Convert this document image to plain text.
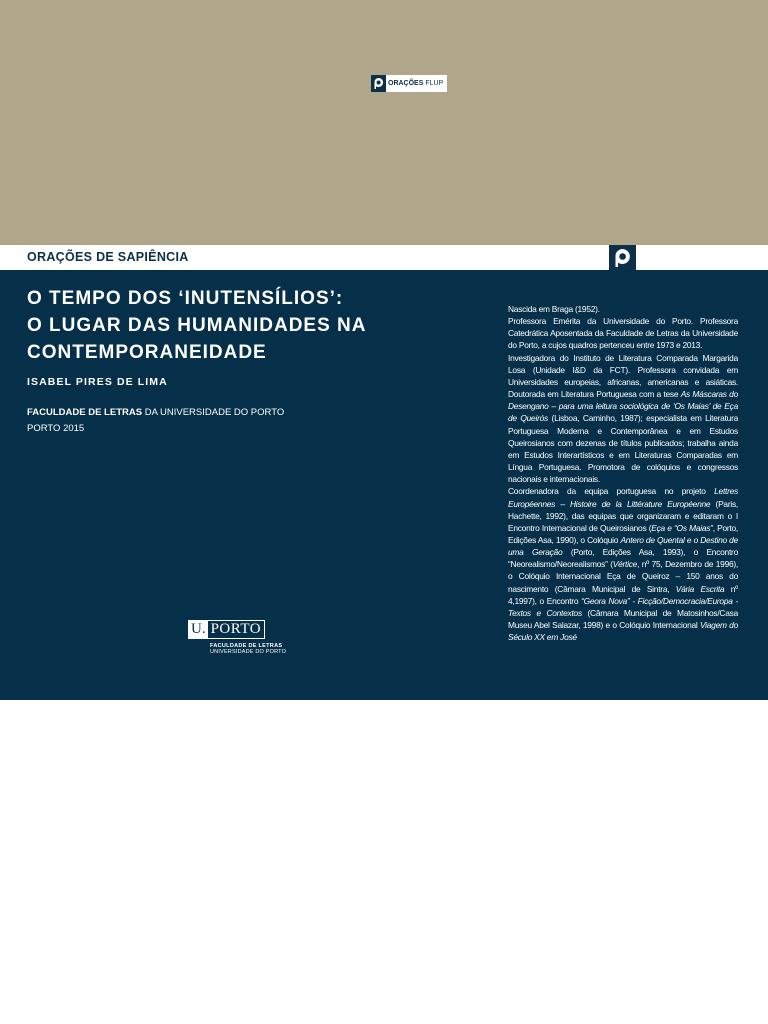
ORAÇÕES FLUP
ORAÇÕES DE SAPIÊNCIA
O TEMPO DOS ‘INUTENSÍLIOS’:
O LUGAR DAS HUMANIDADES NA
CONTEMPORANEIDADE
ISABEL PIRES DE LIMA
FACULDADE DE LETRAS DA UNIVERSIDADE DO PORTO
PORTO 2015
U. PORTO
FACULDADE DE LETRAS
UNIVERSIDADE DO PORTO

Nascida em Braga (1952).

Professora Emérita da Universidade do Porto. Professora Catedrática Aposentada da Faculdade de Letras da Universidade do Porto, a cujos quadros pertenceu entre 1973 e 2013.

Investigadora do Instituto de Literatura Comparada Margarida Losa (Unidade I&D da FCT). Professora convidada em Universidades europeias, africanas, americanas e asiáticas. Doutorada em Literatura Portuguesa com a tese As Máscaras do Desengano – para uma leitura sociológica de ‘Os Maias’ de Eça de Queirós (Lisboa, Caminho, 1987); especialista em Literatura Portuguesa Moderna e Contemporânea e em Estudos Queirosianos com dezenas de títulos publicados; trabalha ainda em Estudos Interartísticos e em Literaturas Comparadas em Língua Portuguesa. Promotora de colóquios e congressos nacionais e internacionais.

Coordenadora da equipa portuguesa no projeto Lettres Européennes – Histoire de la Littérature Européenne (Paris, Hachette, 1992), das equipas que organizaram e editaram o I Encontro Internacional de Queirosianos (Eça e “Os Maias”, Porto, Edições Asa, 1990), o Colóquio Antero de Quental e o Destino de uma Geração (Porto, Edições Asa, 1993), o Encontro “Neorealismo/Neorealismos” (Vértice, nº 75, Dezembro de 1996), o Colóquio Internacional Eça de Queiroz – 150 anos do nascimento (Câmara Municipal de Sintra, Vária Escrita nº 4,1997), o Encontro “Geora Nova” - Ficção/Democracia/Europa - Textos e Contextos (Câmara Municipal de Matosinhos/Casa Museu Abel Salazar, 1998) e o Colóquio Internacional Viagem do Século XX em José
